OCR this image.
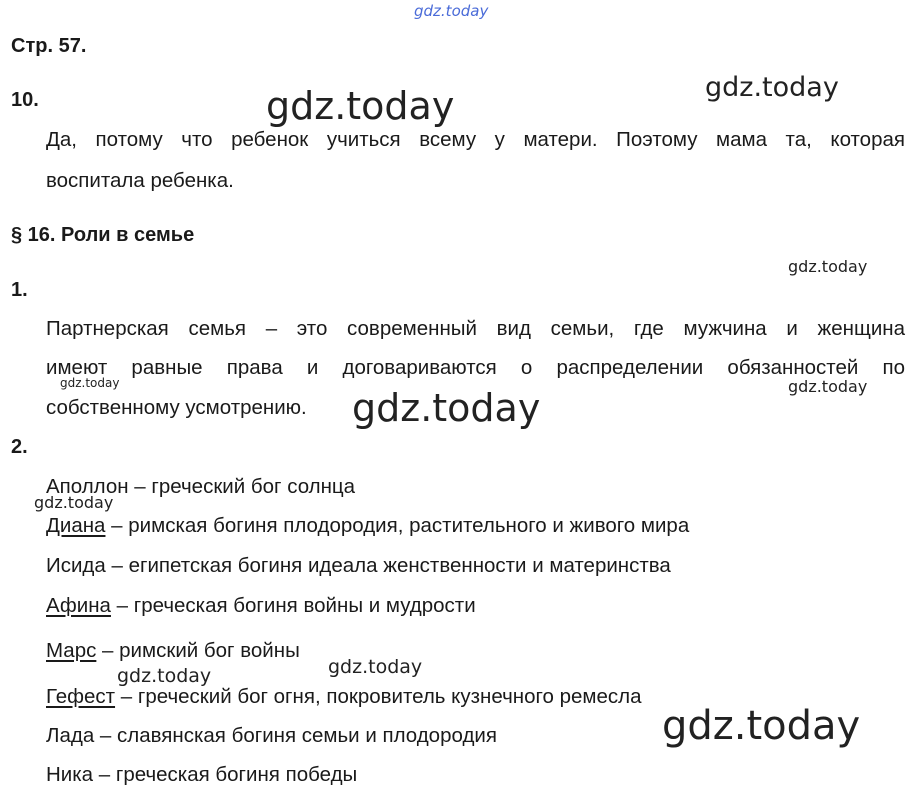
gdz.today
gdz.today	gdz.today
gdz.today
gdz.today	gdz.today
gdz.today
gdz.today
gdz.today	gdz.today
gdz.today
Стр. 57.
10.
Да, потому что ребенок учиться всему у матери. Поэтому мама та, которая
воспитала ребенка.
§ 16. Роли в семье
1.
Партнерская семья – это современный вид семьи, где мужчина и женщина
имеют равные права и договариваются о распределении обязанностей по
собственному усмотрению.
2.
Аполлон – греческий бог солнца
Диана – римская богиня плодородия, растительного и живого мира
Исида – египетская богиня идеала женственности и материнства
Афина – греческая богиня войны и мудрости
Марс – римский бог войны
Гефест – греческий бог огня, покровитель кузнечного ремесла
Лада – славянская богиня семьи и плодородия
Ника – греческая богиня победы
